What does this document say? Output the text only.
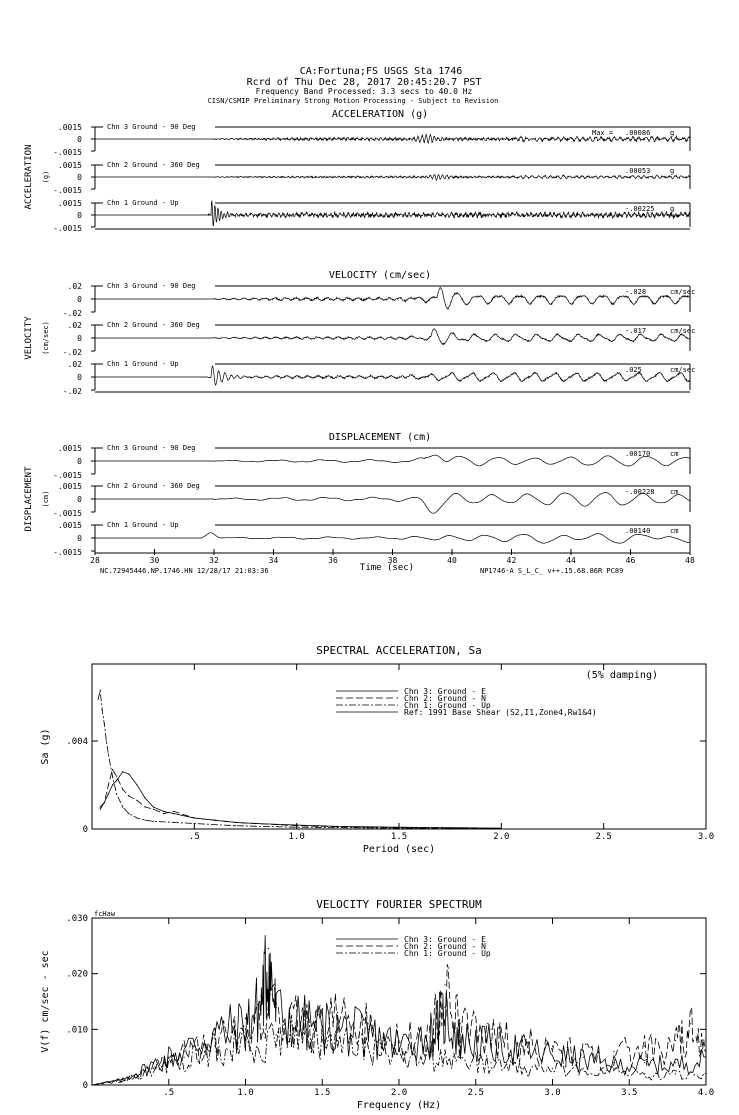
CA:Fortuna;FS USGS Sta 1746
Rcrd of Thu Dec 28, 2017 20:45:20.7 PST
Frequency Band Processed: 3.3 secs to 40.0 Hz
CISN/CSMIP Preliminary Strong Motion Processing - Subject to Revision
ACCELERATION (g)
ACCELERATION (g)
.0015
0
-.0015
Chn 3 Ground - 90 Deg
Max = .00086	g
.0015
0
-.0015
Chn 2 Ground - 360 Deg
.00053	g
.0015
0
-.0015
Chn 1 Ground - Up
-.00225 g
VELOCITY (cm/sec)
VELOCITY (cm/sec)
.02
0
-.02
Chn 3 Ground - 90 Deg
-.028	cm/sec
.02
0
-.02
Chn 2 Ground - 360 Deg
-.017	cm/sec
.02
0
-.02
Chn 1 Ground - Up
.025	cm/sec
DISPLACEMENT (cm)
DISPLACEMENT (cm)
.0015
0
-.0015
Chn 3 Ground - 90 Deg
.00170	cm
.0015
0
-.0015
Chn 2 Ground - 360 Deg
-.00228 cm
.0015
0
-.0015
Chn 1 Ground - Up
.00140	cm
28	30	32	34	36	38	40	42	44	46	48
NC.72945446.NP.1746.HN 12/28/17 21:03:36	Time (sec)	NP1746-A S_L_C_ v++.15.68.86R PC89
SPECTRAL ACCELERATION, Sa
.5	1.0	1.5	2.0	2.5	3.0
0
.004
Period (sec)
Sa (g)
Chn 3: Ground - E
Chn 2: Ground - N
Chn 1: Ground - Up
Ref: 1991 Base Shear (S2,I1,Zone4,Rw1&4)
(5% damping)
VELOCITY FOURIER SPECTRUM
.5	1.0	1.5	2.0	2.5	3.0	3.5	4.0
0
.010
.020
.030
Frequency (Hz)
V(f) cm/sec - sec
Chn 3: Ground - E
Chn 2: Ground - N
Chn 1: Ground - Up
fcHaw
